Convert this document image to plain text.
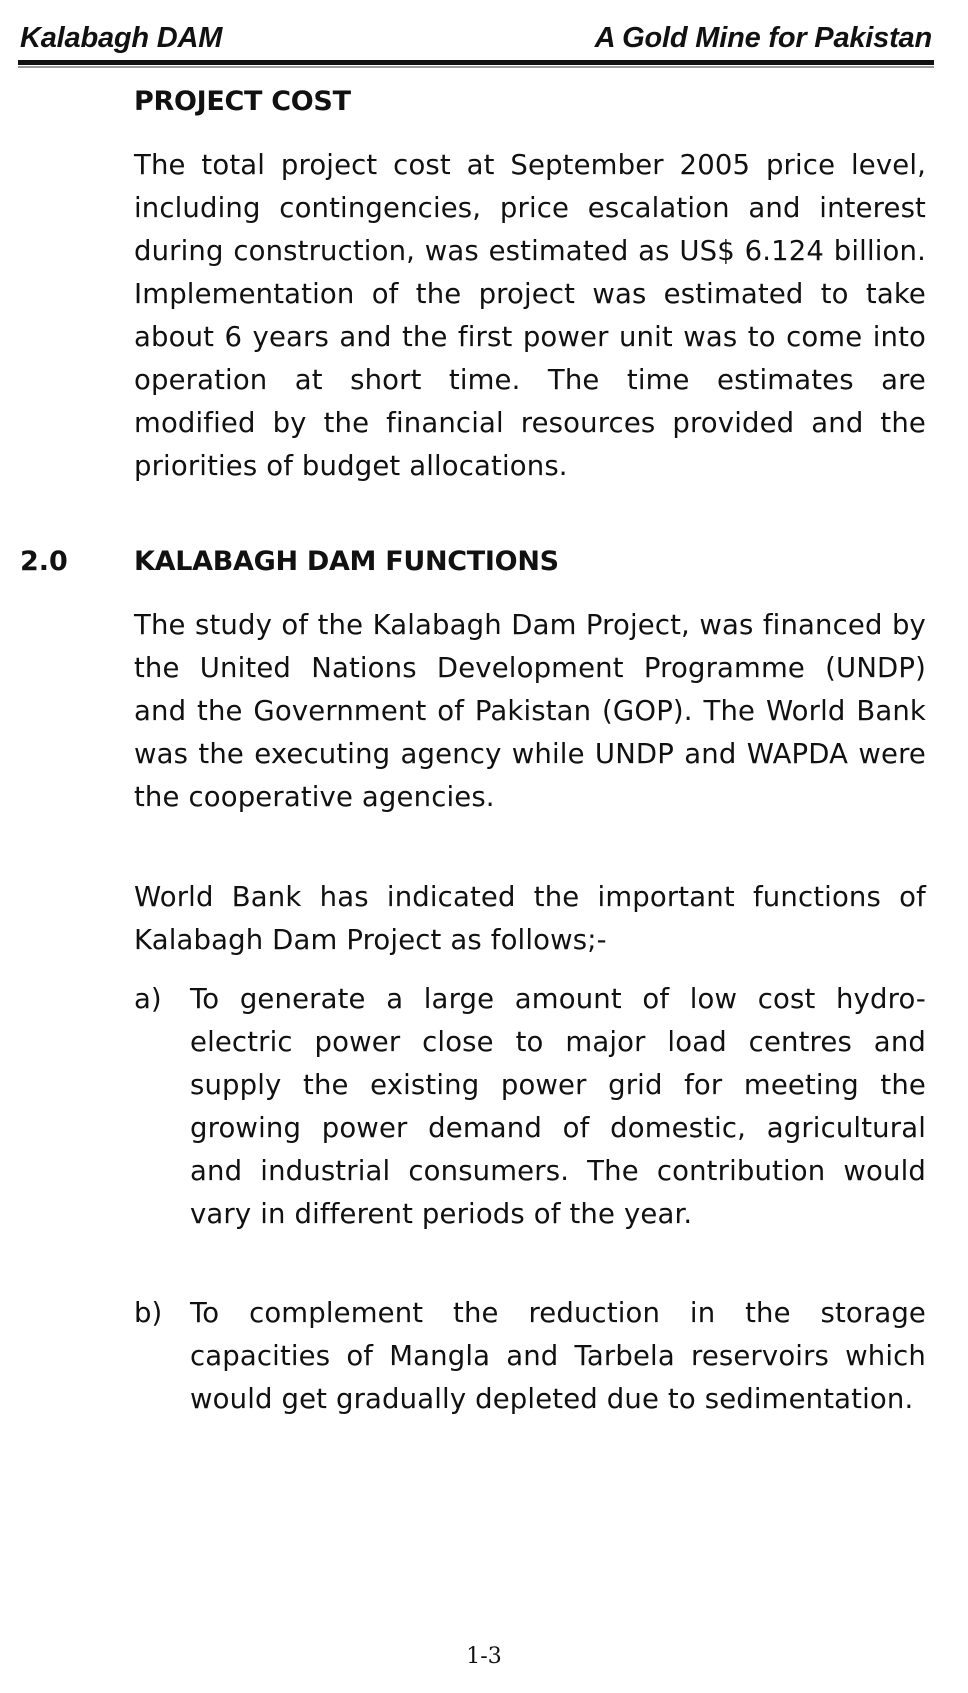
Kalabagh DAM	A Gold Mine for Pakistan
PROJECT COST

The total project cost at September 2005 price level, including contingencies, price escalation and interest during construction, was estimated as US$ 6.124 billion. Implementation of the project was estimated to take about 6 years and the first power unit was to come into operation at short time. The time estimates are modified by the financial resources provided and the priorities of budget allocations.

2.0 KALABAGH DAM FUNCTIONS

The study of the Kalabagh Dam Project, was financed by the United Nations Development Programme (UNDP) and the Government of Pakistan (GOP). The World Bank was the executing agency while UNDP and WAPDA were the cooperative agencies.

World Bank has indicated the important functions of Kalabagh Dam Project as follows;-

a) To generate a large amount of low cost hydro-electric power close to major load centres and supply the existing power grid for meeting the growing power demand of domestic, agricultural and industrial consumers. The contribution would vary in different periods of the year.

b) To complement the reduction in the storage capacities of Mangla and Tarbela reservoirs which would get gradually depleted due to sedimentation.

1-3
